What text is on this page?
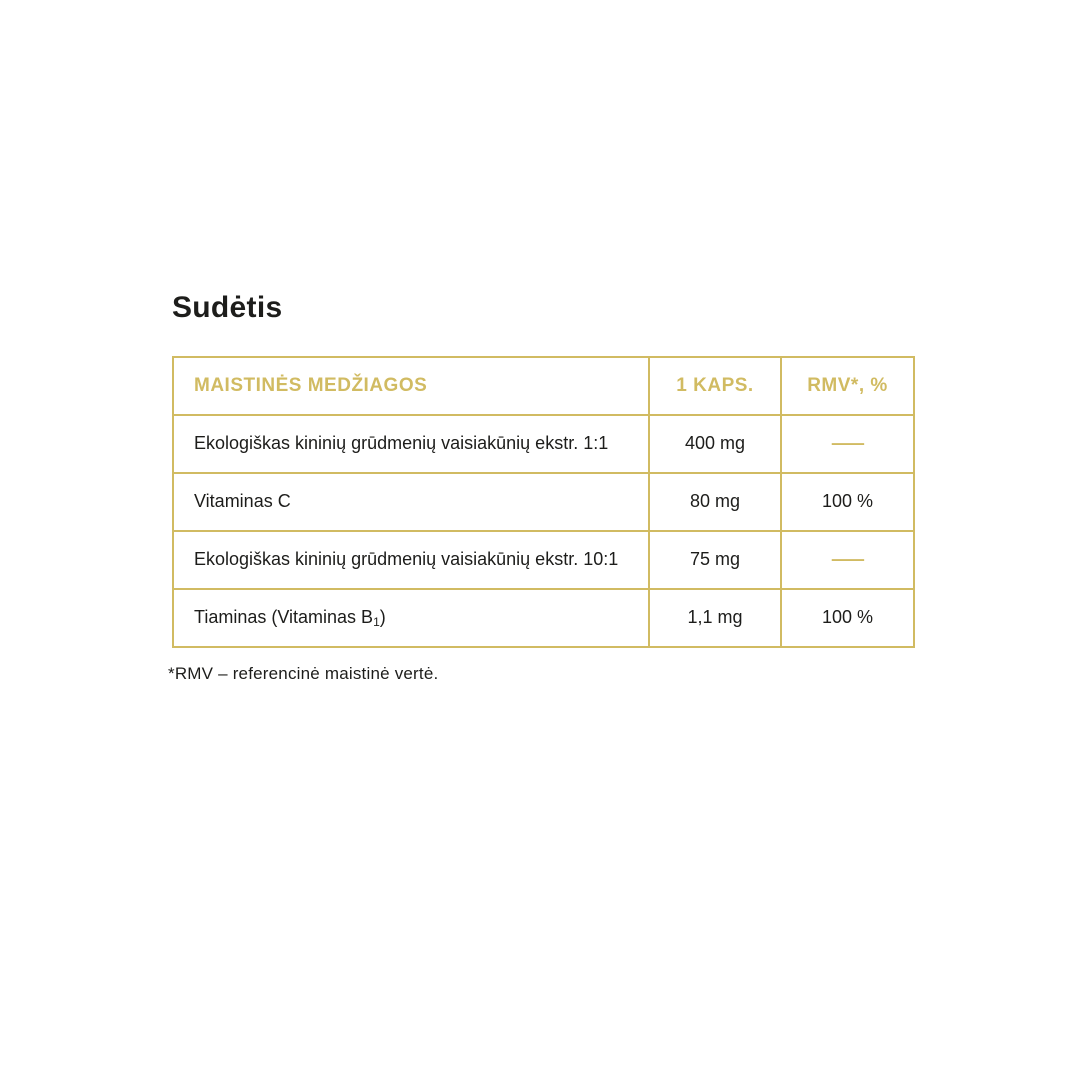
Sudėtis
MAISTINĖS MEDŽIAGOS	1 KAPS.	RMV*, %
Ekologiškas kininių grūdmenių vaisiakūnių ekstr. 1:1	400 mg	—
Vitaminas C	80 mg	100 %
Ekologiškas kininių grūdmenių vaisiakūnių ekstr. 10:1	75 mg	—
Tiaminas (Vitaminas B1)	1,1 mg	100 %

*RMV – referencinė maistinė vertė.
